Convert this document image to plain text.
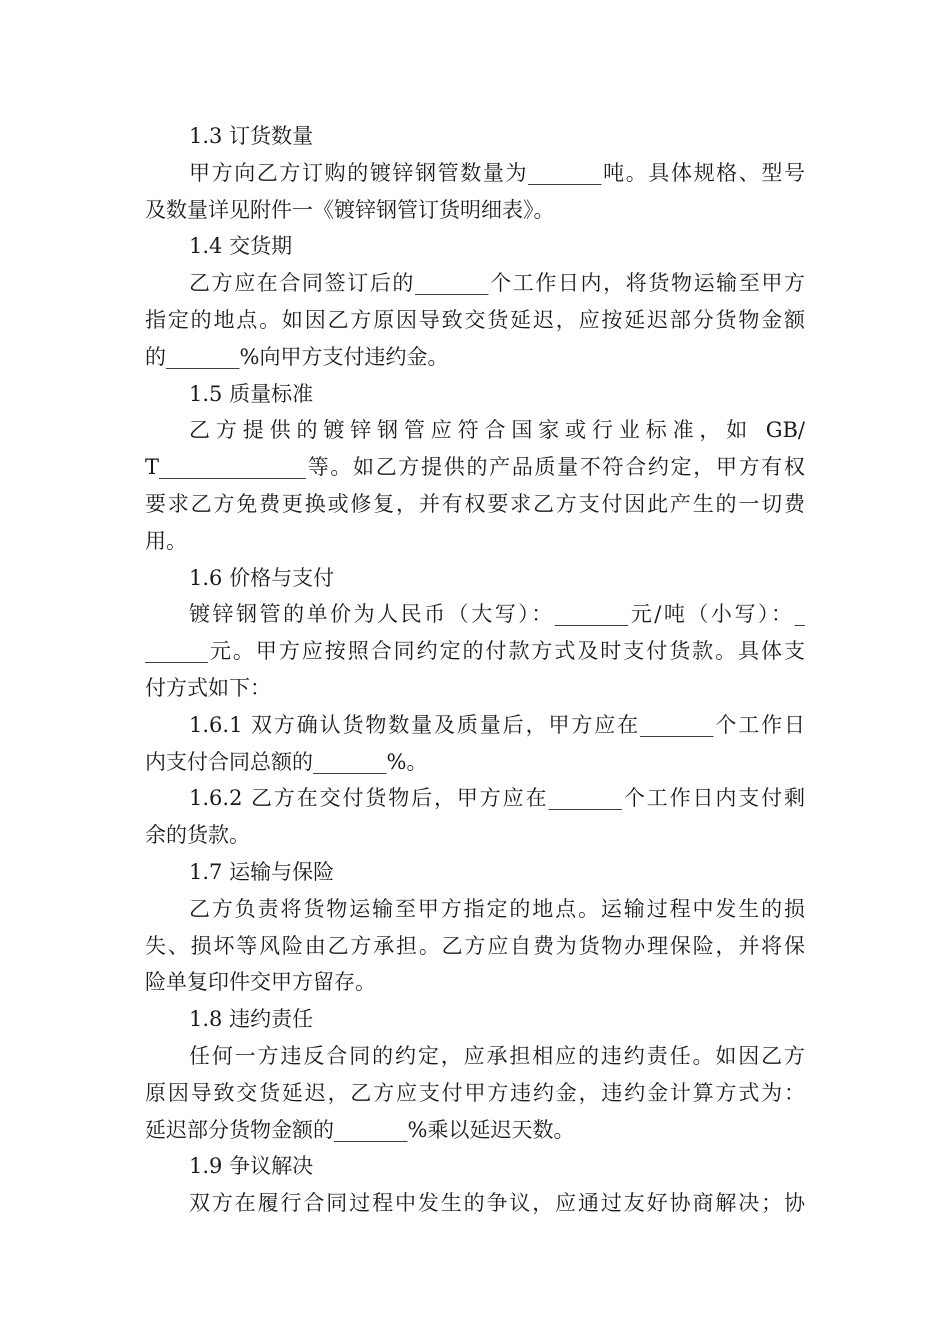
1.3 订货数量
甲方向乙方订购的镀锌钢管数量为_______吨。具体规格、型号
及数量详见附件一《镀锌钢管订货明细表》。
1.4 交货期
乙方应在合同签订后的_______个工作日内，将货物运输至甲方
指定的地点。如因乙方原因导致交货延迟，应按延迟部分货物金额
的_______%向甲方支付违约金。
1.5 质量标准
乙方提供的镀锌钢管应符合国家或行业标准，如 GB/
T______________等。如乙方提供的产品质量不符合约定，甲方有权
要求乙方免费更换或修复，并有权要求乙方支付因此产生的一切费
用。
1.6 价格与支付
镀锌钢管的单价为人民币（大写）：_______元/吨（小写）：_
______元。甲方应按照合同约定的付款方式及时支付货款。具体支
付方式如下：
1.6.1 双方确认货物数量及质量后，甲方应在_______个工作日
内支付合同总额的_______%。
1.6.2 乙方在交付货物后，甲方应在_______个工作日内支付剩
余的货款。
1.7 运输与保险
乙方负责将货物运输至甲方指定的地点。运输过程中发生的损
失、损坏等风险由乙方承担。乙方应自费为货物办理保险，并将保
险单复印件交甲方留存。
1.8 违约责任
任何一方违反合同的约定，应承担相应的违约责任。如因乙方
原因导致交货延迟，乙方应支付甲方违约金，违约金计算方式为：
延迟部分货物金额的_______%乘以延迟天数。
1.9 争议解决
双方在履行合同过程中发生的争议，应通过友好协商解决；协
